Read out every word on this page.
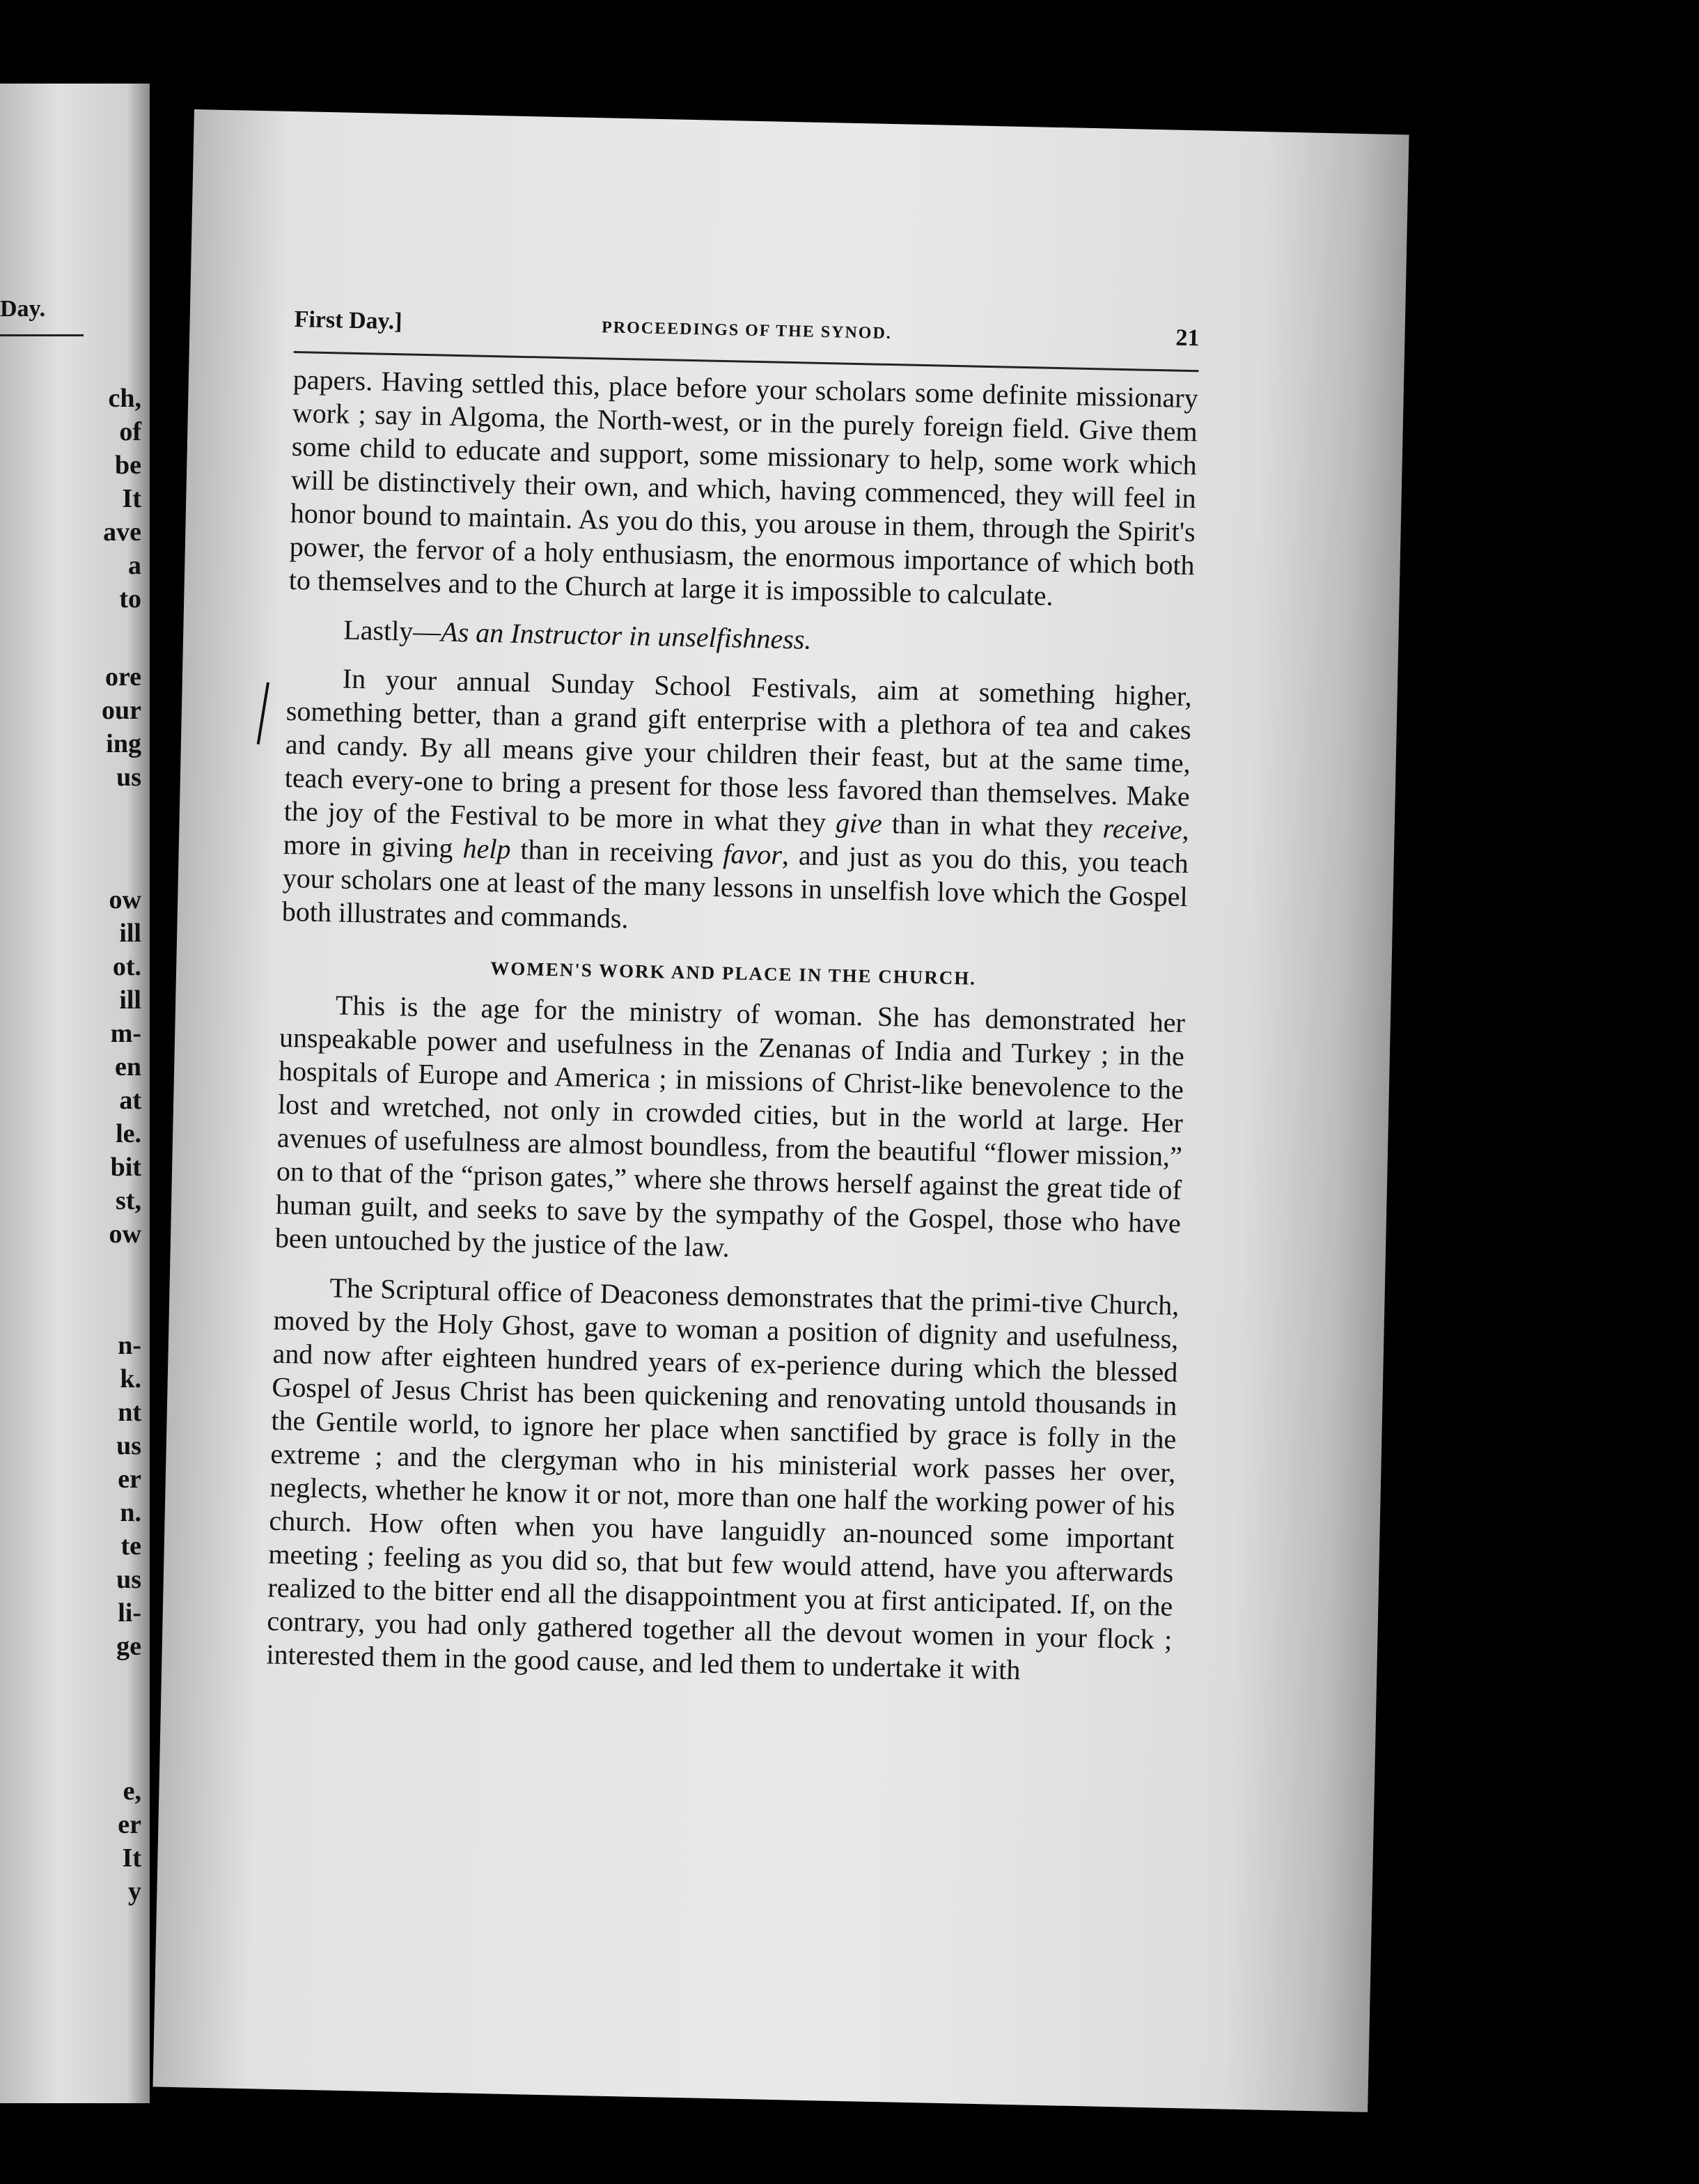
Day.
ch,
of
be
It
ave
a
to
ore
our
ing
us
ow
ill
ot.
ill
m-
en
at
le.
bit
st,
ow
n-
k.
nt
us
er
n.
te
us
li-
ge
e,
er
It
y
First Day.]	PROCEEDINGS OF THE SYNOD.	21

papers. Having settled this, place before your scholars some definite missionary work ; say in Algoma, the North-west, or in the purely foreign field. Give them some child to educate and support, some missionary to help, some work which will be distinctively their own, and which, having commenced, they will feel in honor bound to maintain. As you do this, you arouse in them, through the Spirit's power, the fervor of a holy enthusiasm, the enormous importance of which both to themselves and to the Church at large it is impossible to calculate.

Lastly—As an Instructor in unselfishness.

In your annual Sunday School Festivals, aim at something higher, something better, than a grand gift enterprise with a plethora of tea and cakes and candy. By all means give your children their feast, but at the same time, teach every-one to bring a present for those less favored than themselves. Make the joy of the Festival to be more in what they give than in what they receive, more in giving help than in receiving favor, and just as you do this, you teach your scholars one at least of the many lessons in unselfish love which the Gospel both illustrates and commands.

WOMEN'S WORK AND PLACE IN THE CHURCH.

This is the age for the ministry of woman. She has demonstrated her unspeakable power and usefulness in the Zenanas of India and Turkey ; in the hospitals of Europe and America ; in missions of Christ-like benevolence to the lost and wretched, not only in crowded cities, but in the world at large. Her avenues of usefulness are almost boundless, from the beautiful “flower mission,” on to that of the “prison gates,” where she throws herself against the great tide of human guilt, and seeks to save by the sympathy of the Gospel, those who have been untouched by the justice of the law.

The Scriptural office of Deaconess demonstrates that the primi-tive Church, moved by the Holy Ghost, gave to woman a position of dignity and usefulness, and now after eighteen hundred years of ex-perience during which the blessed Gospel of Jesus Christ has been quickening and renovating untold thousands in the Gentile world, to ignore her place when sanctified by grace is folly in the extreme ; and the clergyman who in his ministerial work passes her over, neglects, whether he know it or not, more than one half the working power of his church. How often when you have languidly an-nounced some important meeting ; feeling as you did so, that but few would attend, have you afterwards realized to the bitter end all the disappointment you at first anticipated. If, on the contrary, you had only gathered together all the devout women in your flock ; interested them in the good cause, and led them to undertake it with
